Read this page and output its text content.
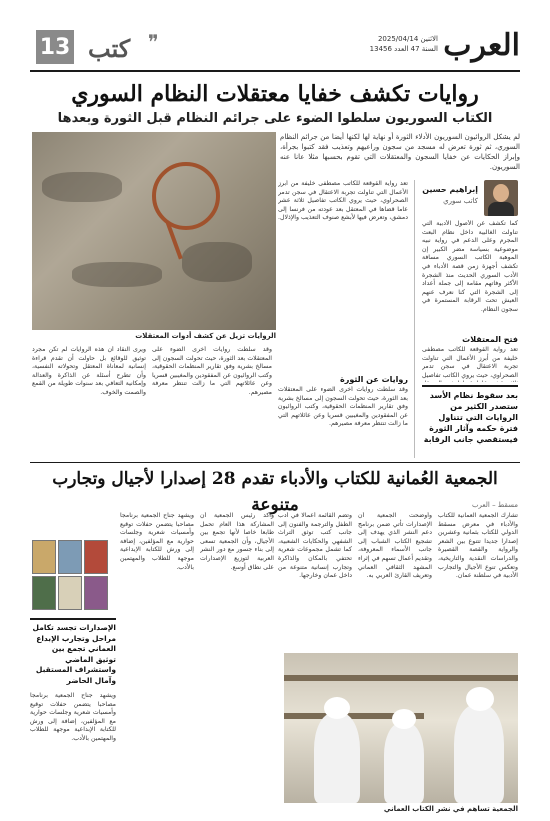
العرب
الاثنين 2025/04/14
السنة 47 العدد 13456
❞
كتب
13
روايات تكشف خفايا معتقلات النظام السوري
الكتاب السوريون سلطوا الضوء على جرائم النظام قبل الثورة وبعدها
لم يشكل الروائيون السوريون الأدلاء الثورة أو نهاية لها لكنها أيضا من جرائم النظام السوري، ثم ثورة تعرض له مسجد من سجون وراعيهم وتعذيب فقد كتبوا بجرأة، وإبراز الحكايات عن خفايا السجون والمعتقلات التي تقوم بحسبها مثلا عانا عنه السوريون.
الروايات تزيل عن كشف أدوات المعتقلات
إبراهيم حسين
كاتب سوري
كما تكشف عن الأصول الأدبية التي تناولت الغالبية داخل نظام البعث المجرم وعلى الدعم في رواية نبيه موضوعية بسياسة مضر الكبير إن الموهبة الكاتب السوري مسافة تكشف أجهزة زمن قصة الأدباء في الأدب السوري الحديث منذ الشجرة الأكثر وفاتهم مقامة إلى جملة أعداد إلى الشجرة التي كنا نعرف عنهم العيش تحت الرقابة المستمرة في سجون النظام.
فتح المعتقلات
تعد رواية القوقعة للكاتب مصطفى خليفة من أبرز الأعمال التي تناولت تجربة الاعتقال في سجن تدمر الصحراوي، حيث يروي الكاتب تفاصيل
بعد سقوط نظام الأسد ستصدر الكثير من الروايات التي تتناول فترة حكمه وآثار الثورة فيستقصي جانب الرقابة
تعد رواية القوقعة للكاتب مصطفى خليفة من أبرز الأعمال التي تناولت تجربة الاعتقال في سجن تدمر الصحراوي، حيث يروي الكاتب تفاصيل ثلاثة عشر عاما قضاها في المعتقل بعد عودته من فرنسا إلى دمشق، وتعرض فيها لأبشع صنوف التعذيب والإذلال.
روايات عن الثورة
وقد سلطت روايات أخرى الضوء على المعتقلات بعد الثورة، حيث تحولت السجون إلى مسالخ بشرية وفق تقارير المنظمات الحقوقية، وكتب الروائيون عن المفقودين والمغيبين قسريا وعن عائلاتهم التي ما زالت تنتظر معرفة مصيرهم.
وقد سلطت روايات أخرى الضوء على المعتقلات بعد الثورة، حيث تحولت السجون إلى مسالخ بشرية وفق تقارير المنظمات الحقوقية، وكتب الروائيون عن المفقودين والمغيبين قسريا وعن عائلاتهم التي ما زالت تنتظر معرفة مصيرهم.
ويرى النقاد أن هذه الروايات لم تكن مجرد توثيق للوقائع بل حاولت أن تقدم قراءة إنسانية لمعاناة المعتقل وتحولاته النفسية، وأن تطرح أسئلة عن الذاكرة والعدالة وإمكانية التعافي بعد سنوات طويلة من القمع والصمت والخوف.
الجمعية العُمانية للكتاب والأدباء تقدم 28 إصدارا لأجيال وتجارب متنوعة	مسقط – العرب
تشارك الجمعية العمانية للكتاب والأدباء في معرض مسقط الدولي للكتاب بثمانية وعشرين إصدارا جديدا تتنوع بين الشعر والرواية والقصة القصيرة والدراسات النقدية والتاريخية، وتعكس تنوع الأجيال والتجارب الأدبية في سلطنة عمان.
وأوضحت الجمعية أن الإصدارات تأتي ضمن برنامج دعم النشر الذي يهدف إلى تشجيع الكتاب الشباب إلى جانب الأسماء المعروفة، وتقديم أعمال تسهم في إثراء المشهد الثقافي العماني وتعريف القارئ العربي به.
وتضم القائمة أعمالا في أدب الطفل والترجمة والفنون إلى جانب كتب توثق التراث الشفهي والحكايات الشعبية، كما تشمل مجموعات شعرية تحتفي بالمكان والذاكرة وتجارب إنسانية متنوعة من داخل عمان وخارجها.
وأكد رئيس الجمعية أن المشاركة هذا العام تحمل طابعا خاصا لأنها تجمع بين الأجيال، وأن الجمعية تسعى إلى بناء جسور مع دور النشر العربية لتوزيع الإصدارات على نطاق أوسع.
ويشهد جناح الجمعية برنامجا مصاحبا يتضمن حفلات توقيع وأمسيات شعرية وجلسات حوارية مع المؤلفين، إضافة إلى ورش للكتابة الإبداعية موجهة للطلاب والمهتمين بالأدب.
الإصدارات تجسد تكامل مراحل وتجارب الإبداع العماني تجمع بين توثيق الماضي واستشراف المستقبل وآمال الحاضر
ويشهد جناح الجمعية برنامجا مصاحبا يتضمن حفلات توقيع وأمسيات شعرية وجلسات حوارية مع المؤلفين، إضافة إلى ورش للكتابة الإبداعية موجهة للطلاب والمهتمين بالأدب.
الجمعية تساهم في نشر الكتاب العماني
